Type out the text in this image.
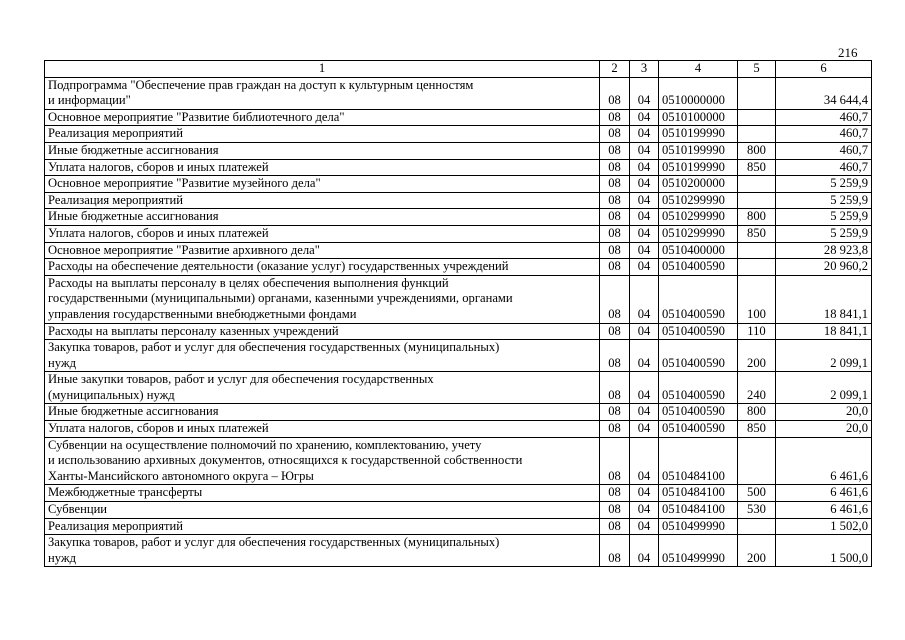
216
1	2	3	4	5	6
Подпрограмма "Обеспечение прав граждан на доступ к культурным ценностям
и информации"	08	04	0510000000		34 644,4
Основное мероприятие "Развитие библиотечного дела"	08	04	0510100000		460,7
Реализация мероприятий	08	04	0510199990		460,7
Иные бюджетные ассигнования	08	04	0510199990	800	460,7
Уплата налогов, сборов и иных платежей	08	04	0510199990	850	460,7
Основное мероприятие "Развитие музейного дела"	08	04	0510200000		5 259,9
Реализация мероприятий	08	04	0510299990		5 259,9
Иные бюджетные ассигнования	08	04	0510299990	800	5 259,9
Уплата налогов, сборов и иных платежей	08	04	0510299990	850	5 259,9
Основное мероприятие "Развитие архивного дела"	08	04	0510400000		28 923,8
Расходы на обеспечение деятельности (оказание услуг) государственных учреждений	08	04	0510400590		20 960,2
Расходы на выплаты персоналу в целях обеспечения выполнения функций
государственными (муниципальными) органами, казенными учреждениями, органами
управления государственными внебюджетными фондами	08	04	0510400590	100	18 841,1
Расходы на выплаты персоналу казенных учреждений	08	04	0510400590	110	18 841,1
Закупка товаров, работ и услуг для обеспечения государственных (муниципальных)
нужд	08	04	0510400590	200	2 099,1
Иные закупки товаров, работ и услуг для обеспечения государственных
(муниципальных) нужд	08	04	0510400590	240	2 099,1
Иные бюджетные ассигнования	08	04	0510400590	800	20,0
Уплата налогов, сборов и иных платежей	08	04	0510400590	850	20,0
Субвенции на осуществление полномочий по хранению, комплектованию, учету
и использованию архивных документов, относящихся к государственной собственности
Ханты-Мансийского автономного округа – Югры	08	04	0510484100		6 461,6
Межбюджетные трансферты	08	04	0510484100	500	6 461,6
Субвенции	08	04	0510484100	530	6 461,6
Реализация мероприятий	08	04	0510499990		1 502,0
Закупка товаров, работ и услуг для обеспечения государственных (муниципальных)
нужд	08	04	0510499990	200	1 500,0
